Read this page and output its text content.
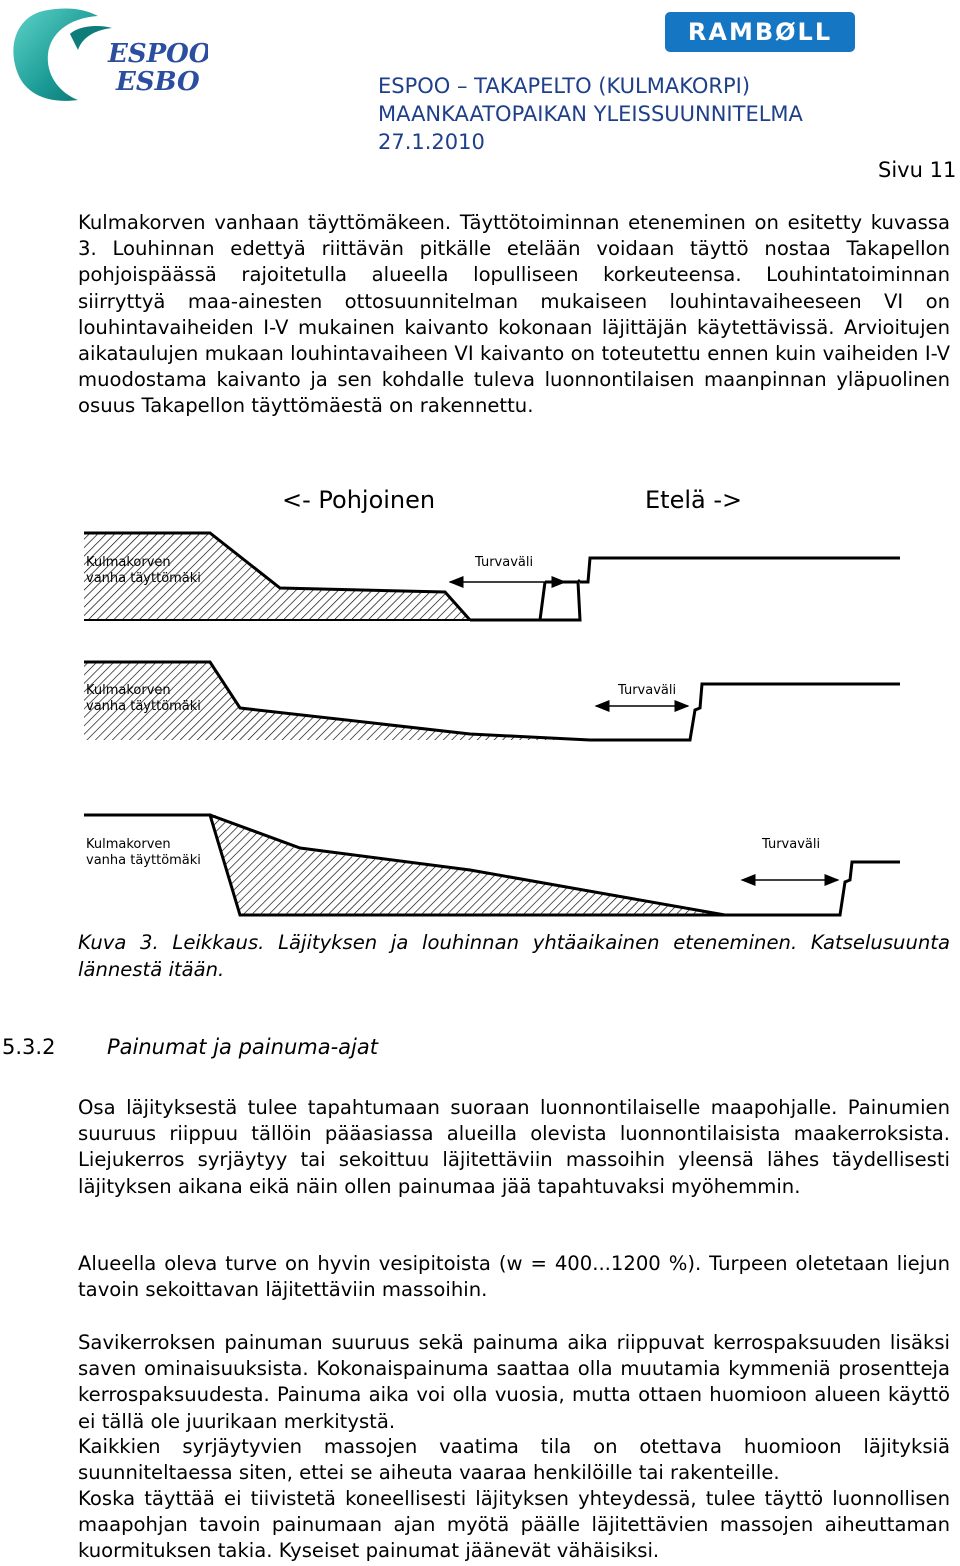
ESPOO
ESBO
RAMBØLL
ESPOO – TAKAPELTO (KULMAKORPI)
MAANKAATOPAIKAN YLEISSUUNNITELMA
27.1.2010
Sivu 11

Kulmakorven vanhaan täyttömäkeen. Täyttötoiminnan eteneminen on esitetty kuvassa 3. Louhinnan edettyä riittävän pitkälle etelään voidaan täyttö nostaa Takapellon pohjoispäässä rajoitetulla alueella lopulliseen korkeuteensa. Louhintatoiminnan siirryttyä maa-ainesten ottosuunnitelman mukaiseen louhintavaiheeseen VI on louhintavaiheiden I-V mukainen kaivanto kokonaan läjittäjän käytettävissä. Arvioitujen aikataulujen mukaan louhintavaiheen VI kaivanto on toteutettu ennen kuin vaiheiden I-V muodostama kaivanto ja sen kohdalle tuleva luonnontilaisen maanpinnan yläpuolinen osuus Takapellon täyttömäestä on rakennettu.

<- Pohjoinen	Etelä ->
Kulmakorven
vanha täyttömäki
Turvaväli
Kulmakorven
vanha täyttömäki
Turvaväli
Kulmakorven
vanha täyttömäki
Turvaväli

Kuva 3. Leikkaus. Läjityksen ja louhinnan yhtäaikainen eteneminen. Katselusuunta lännestä itään.

5.3.2 Painumat ja painuma-ajat

Osa läjityksestä tulee tapahtumaan suoraan luonnontilaiselle maapohjalle. Painumien suuruus riippuu tällöin pääasiassa alueilla olevista luonnontilaisista maakerroksista. Liejukerros syrjäytyy tai sekoittuu läjitettäviin massoihin yleensä lähes täydellisesti läjityksen aikana eikä näin ollen painumaa jää tapahtuvaksi myöhemmin.

Alueella oleva turve on hyvin vesipitoista (w = 400...1200 %). Turpeen oletetaan liejun tavoin sekoittavan läjitettäviin massoihin.

Savikerroksen painuman suuruus sekä painuma aika riippuvat kerrospaksuuden lisäksi saven ominaisuuksista. Kokonaispainuma saattaa olla muutamia kymmeniä prosentteja kerrospaksuudesta. Painuma aika voi olla vuosia, mutta ottaen huomioon alueen käyttö ei tällä ole juurikaan merkitystä.

Kaikkien syrjäytyvien massojen vaatima tila on otettava huomioon läjityksiä suunniteltaessa siten, ettei se aiheuta vaaraa henkilöille tai rakenteille.

Koska täyttää ei tiivistetä koneellisesti läjityksen yhteydessä, tulee täyttö luonnollisen maapohjan tavoin painumaan ajan myötä päälle läjitettävien massojen aiheuttaman kuormituksen takia. Kyseiset painumat jäänevät vähäisiksi.
